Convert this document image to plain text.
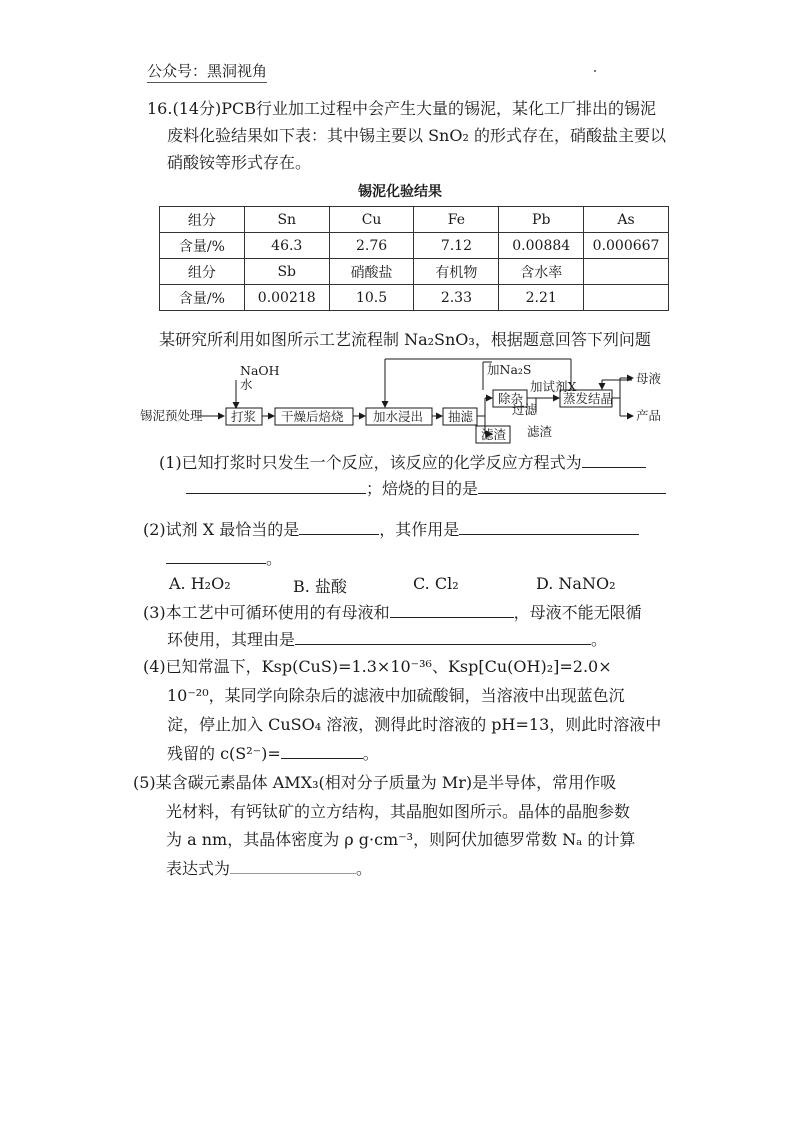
公众号：黑洞视角
16.(14分)PCB行业加工过程中会产生大量的锡泥，某化工厂排出的锡泥
废料化验结果如下表：其中锡主要以 SnO₂ 的形式存在，硝酸盐主要以
硝酸铵等形式存在。
锡泥化验结果
组分	Sn	Cu	Fe	Pb	As
含量/%	46.3	2.76	7.12	0.00884	0.000667
组分	Sb	硝酸盐	有机物	含水率	
含量/%	0.00218	10.5	2.33	2.21	
某研究所利用如图所示工艺流程制 Na₂SnO₃，根据题意回答下列问题
锡泥预处理
NaOH
水
打浆 干燥后焙烧 加水浸出 抽滤
滤渣
加Na₂S
除杂
加试剂X
过滤
滤渣
蒸发结晶
母液
产品
(1)已知打浆时只发生一个反应，该反应的化学反应方程式为
；焙烧的目的是
(2)试剂 X 最恰当的是	，其作用是
。
A. H₂O₂	B. 盐酸	C. Cl₂	D. NaNO₂
(3)本工艺中可循环使用的有母液和	，母液不能无限循
环使用，其理由是	。
(4)已知常温下，Ksp(CuS)=1.3×10⁻³⁶、Ksp[Cu(OH)₂]=2.0×
10⁻²⁰，某同学向除杂后的滤液中加硫酸铜，当溶液中出现蓝色沉
淀，停止加入 CuSO₄ 溶液，测得此时溶液的 pH=13，则此时溶液中
残留的 c(S²⁻)=	。
(5)某含碳元素晶体 AMX₃(相对分子质量为 Mr)是半导体，常用作吸
光材料，有钙钛矿的立方结构，其晶胞如图所示。晶体的晶胞参数
为 a nm，其晶体密度为 ρ g·cm⁻³，则阿伏加德罗常数 Nₐ 的计算
表达式为	。
